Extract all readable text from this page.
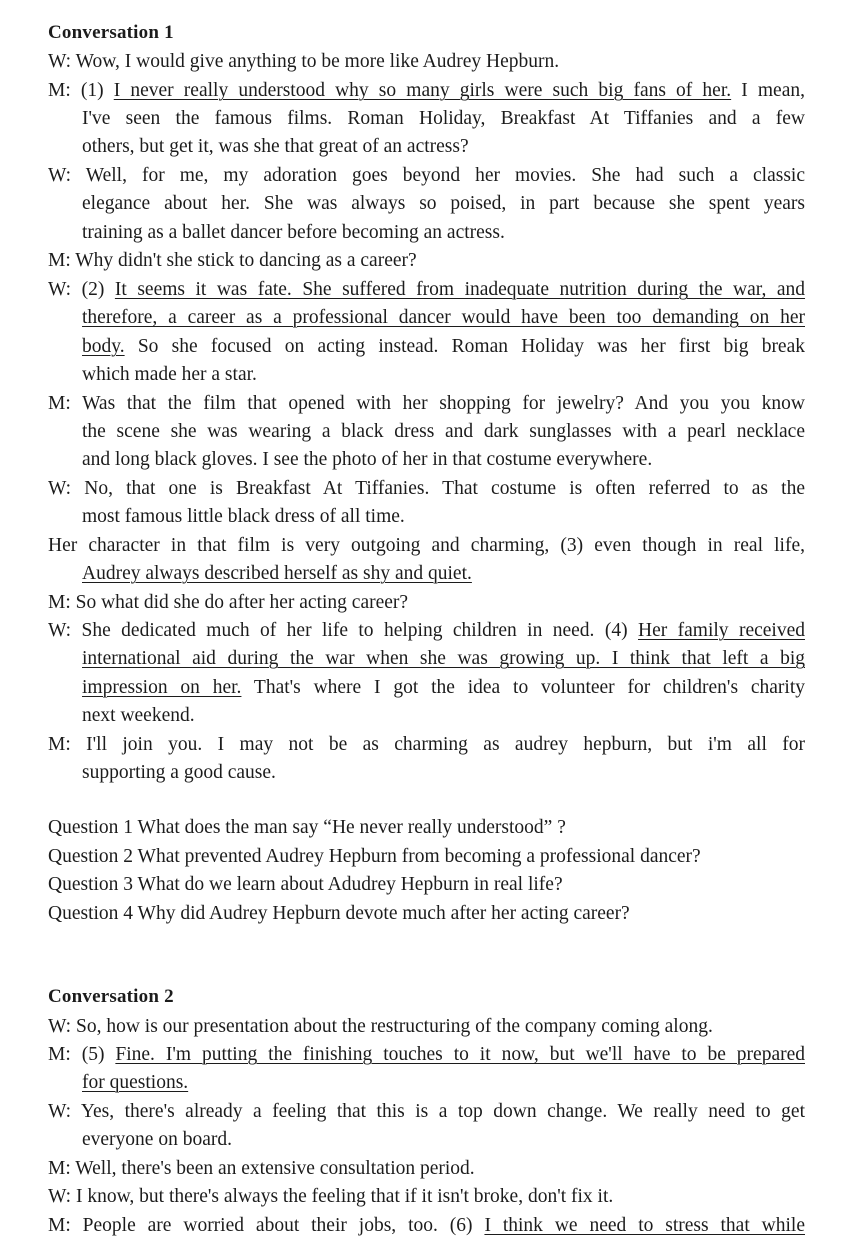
Conversation 1
W: Wow, I would give anything to be more like Audrey Hepburn.
M: (1) I never really understood why so many girls were such big fans of her. I mean,
I've seen the famous films. Roman Holiday, Breakfast At Tiffanies and a few
others, but get it, was she that great of an actress?
W: Well, for me, my adoration goes beyond her movies. She had such a classic
elegance about her. She was always so poised, in part because she spent years
training as a ballet dancer before becoming an actress.
M: Why didn't she stick to dancing as a career?
W: (2) It seems it was fate. She suffered from inadequate nutrition during the war, and
therefore, a career as a professional dancer would have been too demanding on her
body. So she focused on acting instead. Roman Holiday was her first big break
which made her a star.
M: Was that the film that opened with her shopping for jewelry? And you you know
the scene she was wearing a black dress and dark sunglasses with a pearl necklace
and long black gloves. I see the photo of her in that costume everywhere.
W: No, that one is Breakfast At Tiffanies. That costume is often referred to as the
most famous little black dress of all time.
Her character in that film is very outgoing and charming, (3) even though in real life,
Audrey always described herself as shy and quiet.
M: So what did she do after her acting career?
W: She dedicated much of her life to helping children in need. (4) Her family received
international aid during the war when she was growing up. I think that left a big
impression on her. That's where I got the idea to volunteer for children's charity
next weekend.
M: I'll join you. I may not be as charming as audrey hepburn, but i'm all for
supporting a good cause.
Question 1 What does the man say “He never really understood” ?
Question 2 What prevented Audrey Hepburn from becoming a professional dancer?
Question 3 What do we learn about Adudrey Hepburn in real life?
Question 4 Why did Audrey Hepburn devote much after her acting career?
Conversation 2
W: So, how is our presentation about the restructuring of the company coming along.
M: (5) Fine. I'm putting the finishing touches to it now, but we'll have to be prepared
for questions.
W: Yes, there's already a feeling that this is a top down change. We really need to get
everyone on board.
M: Well, there's been an extensive consultation period.
W: I know, but there's always the feeling that if it isn't broke, don't fix it.
M: People are worried about their jobs, too. (6) I think we need to stress that while
